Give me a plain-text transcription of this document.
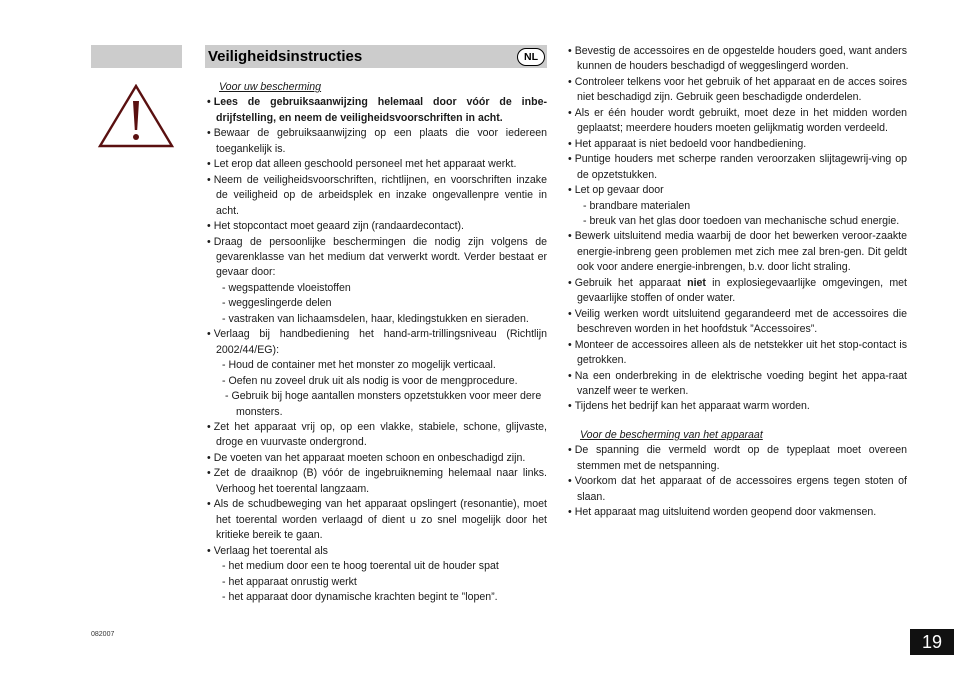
Veiligheidsinstructies	NL
Voor uw bescherming
• Lees de gebruiksaanwijzing helemaal door vóór de inbe-drijfstelling, en neem de veiligheidsvoorschriften in acht.
• Bewaar de gebruiksaanwijzing op een plaats die voor iedereen toegankelijk is.
• Let erop dat alleen geschoold personeel met het apparaat werkt.
• Neem de veiligheidsvoorschriften, richtlijnen, en voorschriften inzake de veiligheid op de arbeidsplek en inzake ongevallenpre ventie in acht.
• Het stopcontact moet geaard zijn (randaardecontact).
• Draag de persoonlijke beschermingen die nodig zijn volgens de gevarenklasse van het medium dat verwerkt wordt. Verder bestaat er gevaar door:
- wegspattende vloeistoffen
- weggeslingerde delen
- vastraken van lichaamsdelen, haar, kledingstukken en sieraden.
• Verlaag bij handbediening het hand-arm-trillingsniveau (Richtlijn 2002/44/EG):
- Houd de container met het monster zo mogelijk verticaal.
- Oefen nu zoveel druk uit als nodig is voor de mengprocedure.
- Gebruik bij hoge aantallen monsters opzetstukken voor meer dere monsters.
• Zet het apparaat vrij op, op een vlakke, stabiele, schone, glijvaste, droge en vuurvaste ondergrond.
• De voeten van het apparaat moeten schoon en onbeschadigd zijn.
• Zet de draaiknop (B) vóór de ingebruikneming helemaal naar links. Verhoog het toerental langzaam.
• Als de schudbeweging van het apparaat opslingert (resonantie), moet het toerental worden verlaagd of dient u zo snel mogelijk door het kritieke bereik te gaan.
• Verlaag het toerental als
- het medium door een te hoog toerental uit de houder spat
- het apparaat onrustig werkt
- het apparaat door dynamische krachten begint te ”lopen”.
• Bevestig de accessoires en de opgestelde houders goed, want anders kunnen de houders beschadigd of weggeslingerd worden.
• Controleer telkens voor het gebruik of het apparaat en de acces soires niet beschadigd zijn. Gebruik geen beschadigde onderdelen.
• Als er één houder wordt gebruikt, moet deze in het midden worden geplaatst; meerdere houders moeten gelijkmatig worden verdeeld.
• Het apparaat is niet bedoeld voor handbediening.
• Puntige houders met scherpe randen veroorzaken slijtagewrij-ving op de opzetstukken.
• Let op gevaar door
- brandbare materialen
- breuk van het glas door toedoen van mechanische schud energie.
• Bewerk uitsluitend media waarbij de door het bewerken veroor-zaakte energie-inbreng geen problemen met zich mee zal bren-gen. Dit geldt ook voor andere energie-inbrengen, b.v. door licht straling.
• Gebruik het apparaat niet in explosiegevaarlijke omgevingen, met gevaarlijke stoffen of onder water.
• Veilig werken wordt uitsluitend gegarandeerd met de accessoires die beschreven worden in het hoofdstuk ”Accessoires”.
• Monteer de accessoires alleen als de netstekker uit het stop-contact is getrokken.
• Na een onderbreking in de elektrische voeding begint het appa-raat vanzelf weer te werken.
• Tijdens het bedrijf kan het apparaat warm worden.
Voor de bescherming van het apparaat
• De spanning die vermeld wordt op de typeplaat moet overeen stemmen met de netspanning.
• Voorkom dat het apparaat of de accessoires ergens tegen stoten of slaan.
• Het apparaat mag uitsluitend worden geopend door vakmensen.
082007	19
